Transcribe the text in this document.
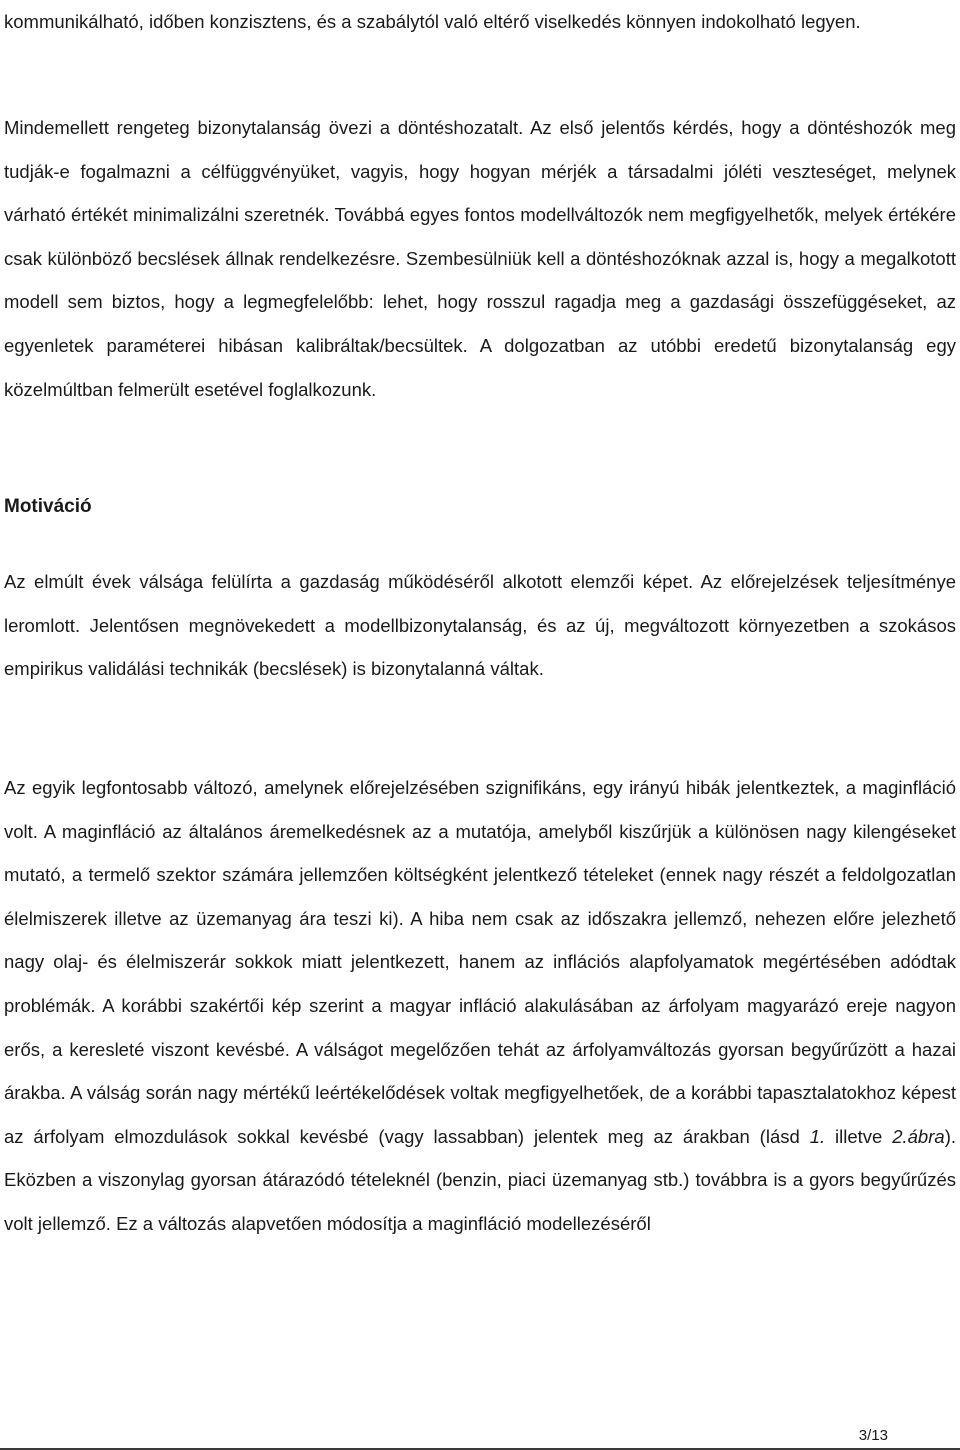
kommunikálható, időben konzisztens, és a szabálytól való eltérő viselkedés könnyen indokolható legyen.

Mindemellett rengeteg bizonytalanság övezi a döntéshozatalt. Az első jelentős kérdés, hogy a döntéshozók meg tudják-e fogalmazni a célfüggvényüket, vagyis, hogy hogyan mérjék a társadalmi jóléti veszteséget, melynek várható értékét minimalizálni szeretnék. Továbbá egyes fontos modellváltozók nem megfigyelhetők, melyek értékére csak különböző becslések állnak rendelkezésre. Szembesülniük kell a döntéshozóknak azzal is, hogy a megalkotott modell sem biztos, hogy a legmegfelelőbb: lehet, hogy rosszul ragadja meg a gazdasági összefüggéseket, az egyenletek paraméterei hibásan kalibráltak/becsültek. A dolgozatban az utóbbi eredetű bizonytalanság egy közelmúltban felmerült esetével foglalkozunk.

Motiváció

Az elmúlt évek válsága felülírta a gazdaság működéséről alkotott elemzői képet. Az előrejelzések teljesítménye leromlott. Jelentősen megnövekedett a modellbizonytalanság, és az új, megváltozott környezetben a szokásos empirikus validálási technikák (becslések) is bizonytalanná váltak.

Az egyik legfontosabb változó, amelynek előrejelzésében szignifikáns, egy irányú hibák jelentkeztek, a maginfláció volt. A maginfláció az általános áremelkedésnek az a mutatója, amelyből kiszűrjük a különösen nagy kilengéseket mutató, a termelő szektor számára jellemzően költségként jelentkező tételeket (ennek nagy részét a feldolgozatlan élelmiszerek illetve az üzemanyag ára teszi ki). A hiba nem csak az időszakra jellemző, nehezen előre jelezhető nagy olaj- és élelmiszerár sokkok miatt jelentkezett, hanem az inflációs alapfolyamatok megértésében adódtak problémák. A korábbi szakértői kép szerint a magyar infláció alakulásában az árfolyam magyarázó ereje nagyon erős, a keresleté viszont kevésbé. A válságot megelőzően tehát az árfolyamváltozás gyorsan begyűrűzött a hazai árakba. A válság során nagy mértékű leértékelődések voltak megfigyelhetőek, de a korábbi tapasztalatokhoz képest az árfolyam elmozdulások sokkal kevésbé (vagy lassabban) jelentek meg az árakban (lásd 1. illetve 2.ábra). Eközben a viszonylag gyorsan átárazódó tételeknél (benzin, piaci üzemanyag stb.) továbbra is a gyors begyűrűzés volt jellemző. Ez a változás alapvetően módosítja a maginfláció modellezéséről

3/13
